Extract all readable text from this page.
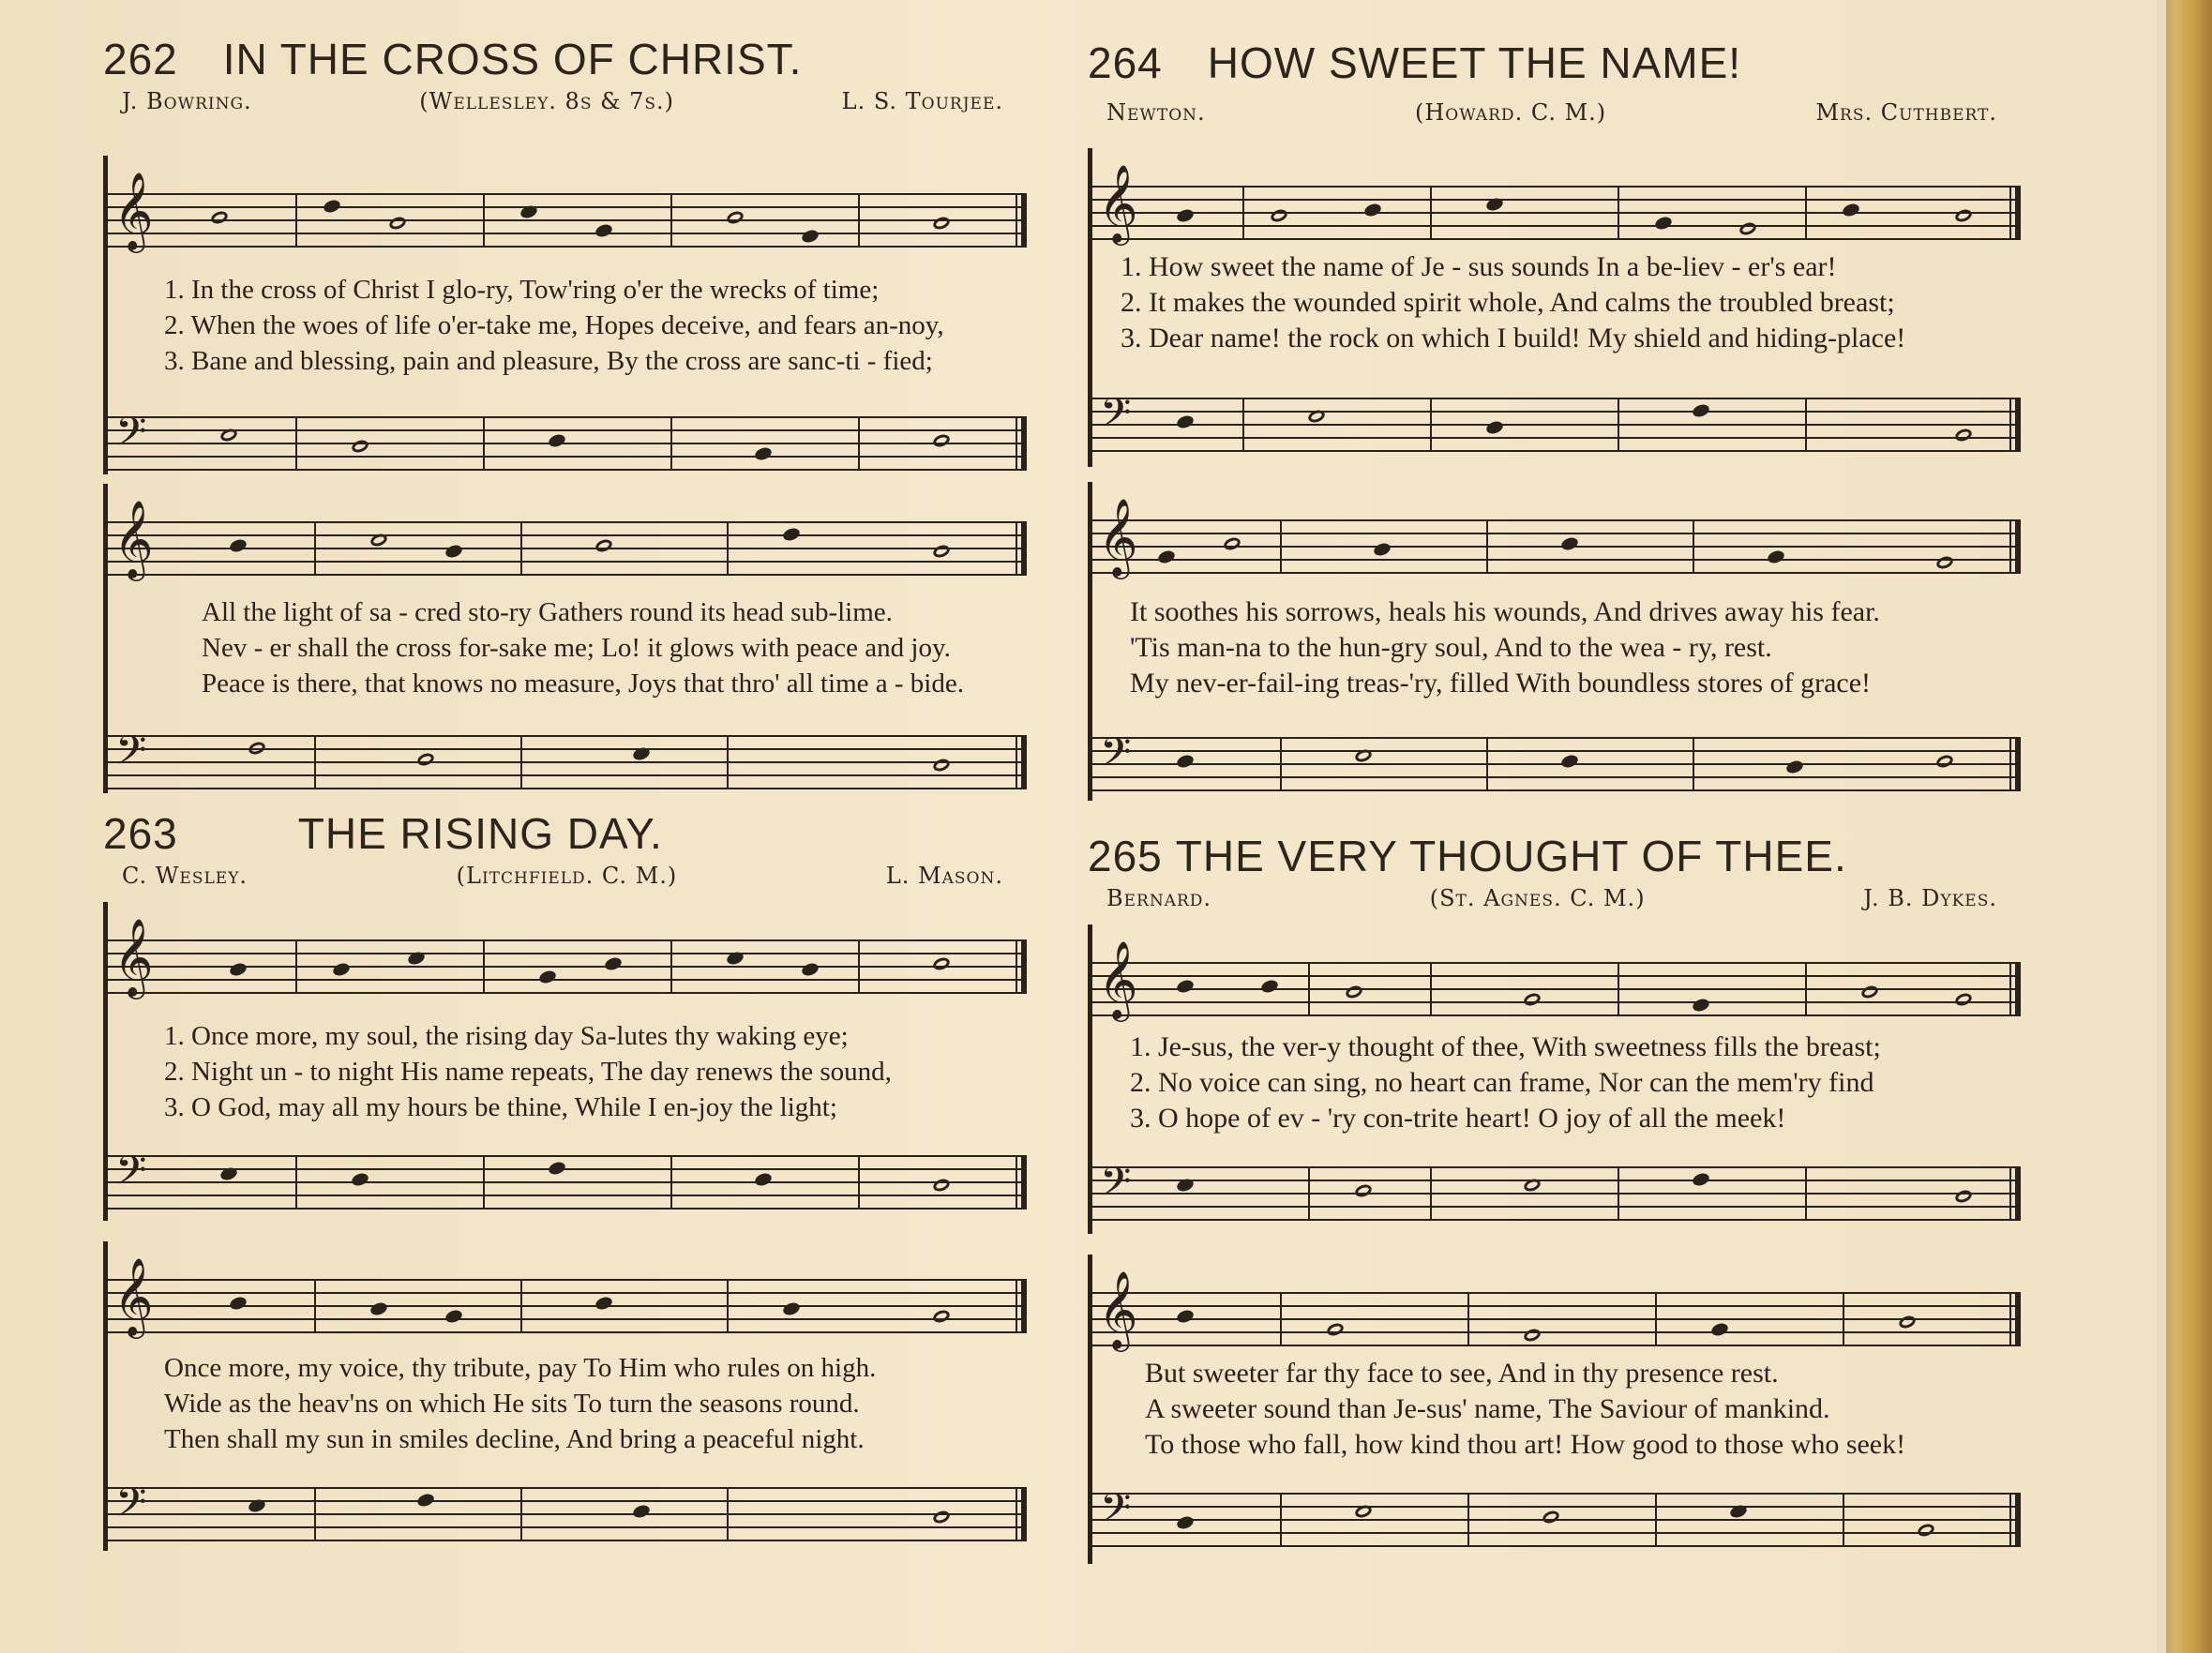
262 IN THE CROSS OF CHRIST.
J. Bowring.	(Wellesley. 8s & 7s.)	L. S. Tourjee.
𝄞
1. In the cross of Christ I glo-ry, Tow'ring o'er the wrecks of time;
2. When the woes of life o'er-take me, Hopes deceive, and fears an-noy,
3. Bane and blessing, pain and pleasure, By the cross are sanc-ti - fied;
𝄢
𝄞
All the light of sa - cred sto-ry Gathers round its head sub-lime.
Nev - er shall the cross for-sake me; Lo! it glows with peace and joy.
Peace is there, that knows no measure, Joys that thro' all time a - bide.
𝄢
263	THE RISING DAY.
C. Wesley.	(Litchfield. C. M.)	L. Mason.
𝄞
1. Once more, my soul, the rising day Sa-lutes thy waking eye;
2. Night un - to night His name repeats, The day renews the sound,
3. O God, may all my hours be thine, While I en-joy the light;
𝄢
𝄞
Once more, my voice, thy tribute, pay To Him who rules on high.
Wide as the heav'ns on which He sits To turn the seasons round.
Then shall my sun in smiles decline, And bring a peaceful night.
𝄢
264 HOW SWEET THE NAME!
Newton.	(Howard. C. M.)	Mrs. Cuthbert.
𝄞
1. How sweet the name of Je - sus sounds In a be-liev - er's ear!
2. It makes the wounded spirit whole, And calms the troubled breast;
3. Dear name! the rock on which I build! My shield and hiding-place!
𝄢
𝄞
It soothes his sorrows, heals his wounds, And drives away his fear.
'Tis man-na to the hun-gry soul, And to the wea - ry, rest.
My nev-er-fail-ing treas-'ry, filled With boundless stores of grace!
𝄢
265 THE VERY THOUGHT OF THEE.
Bernard.	(St. Agnes. C. M.)	J. B. Dykes.
𝄞
1. Je-sus, the ver-y thought of thee, With sweetness fills the breast;
2. No voice can sing, no heart can frame, Nor can the mem'ry find
3. O hope of ev - 'ry con-trite heart! O joy of all the meek!
𝄢
𝄞
But sweeter far thy face to see, And in thy presence rest.
A sweeter sound than Je-sus' name, The Saviour of mankind.
To those who fall, how kind thou art! How good to those who seek!
𝄢
